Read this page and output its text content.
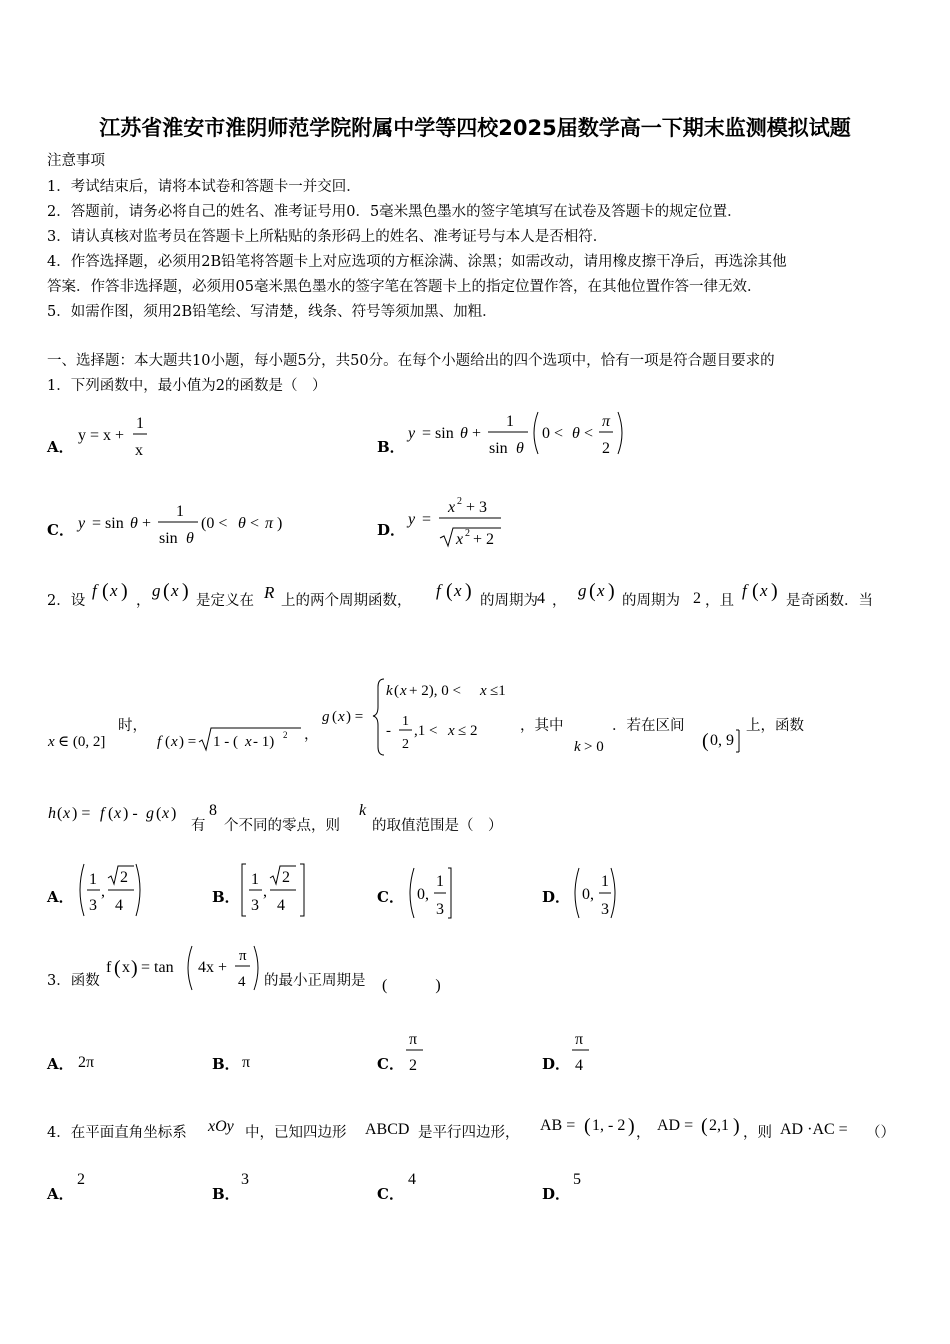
江苏省淮安市淮阴师范学院附属中学等四校2025届数学高一下期末监测模拟试题
注意事项
1．考试结束后，请将本试卷和答题卡一并交回．
2．答题前，请务必将自己的姓名、准考证号用0．5毫米黑色墨水的签字笔填写在试卷及答题卡的规定位置．
3．请认真核对监考员在答题卡上所粘贴的条形码上的姓名、准考证号与本人是否相符．
4．作答选择题，必须用2B铅笔将答题卡上对应选项的方框涂满、涂黑；如需改动，请用橡皮擦干净后，再选涂其他
答案．作答非选择题，必须用05毫米黑色墨水的签字笔在答题卡上的指定位置作答，在其他位置作答一律无效．
5．如需作图，须用2B铅笔绘、写清楚，线条、符号等须加黑、加粗．
一、选择题：本大题共10小题，每小题5分，共50分。在每个小题给出的四个选项中，恰有一项是符合题目要求的
1．下列函数中，最小值为2的函数是（　）
A．
y = x +
1
x	B．
y = sin θ +
1
sin θ
0 < θ <
π
2
C． y = sin θ +
1
sin θ
(0 < θ < π )	D．
y =
x 2 + 3
x 2 + 2
2．设
f ( x ) ，
g ( x ) 是定义在 R 上的两个周期函数，
f ( x ) 的周期为 4 ，
g ( x ) 的周期为 2 ，且
f ( x ) 是奇函数．当
x ∈ (0, 2]
时，
f ( x ) = 1 - ( x - 1) 2 ，
g ( x ) =
k ( x + 2), 0 < x ≤1
-
1
2
,1 < x ≤ 2	，其中
k > 0
．若在区间
( 0, 9
上，函数
h ( x ) = f ( x ) - g ( x )
有
8
个不同的零点，则
k
的取值范围是（　）
A．
1
3
,
2
4	B．
1
3
,
2
4	C． 0,
1
3
D． 0,
1
3
3．函数
f ( x ) = tan 4x +
π
4 的最小正周期是 (　　　)
A． 2π	B． π	C．
π
2	D．
π
4
4．在平面直角坐标系 xOy 中，已知四边形 ABCD 是平行四边形， AB = ( 1, - 2 ) ， AD = ( 2,1 ) ，则 AD ·AC = （）
A．
2
B．
3
C．
4
D．
5
